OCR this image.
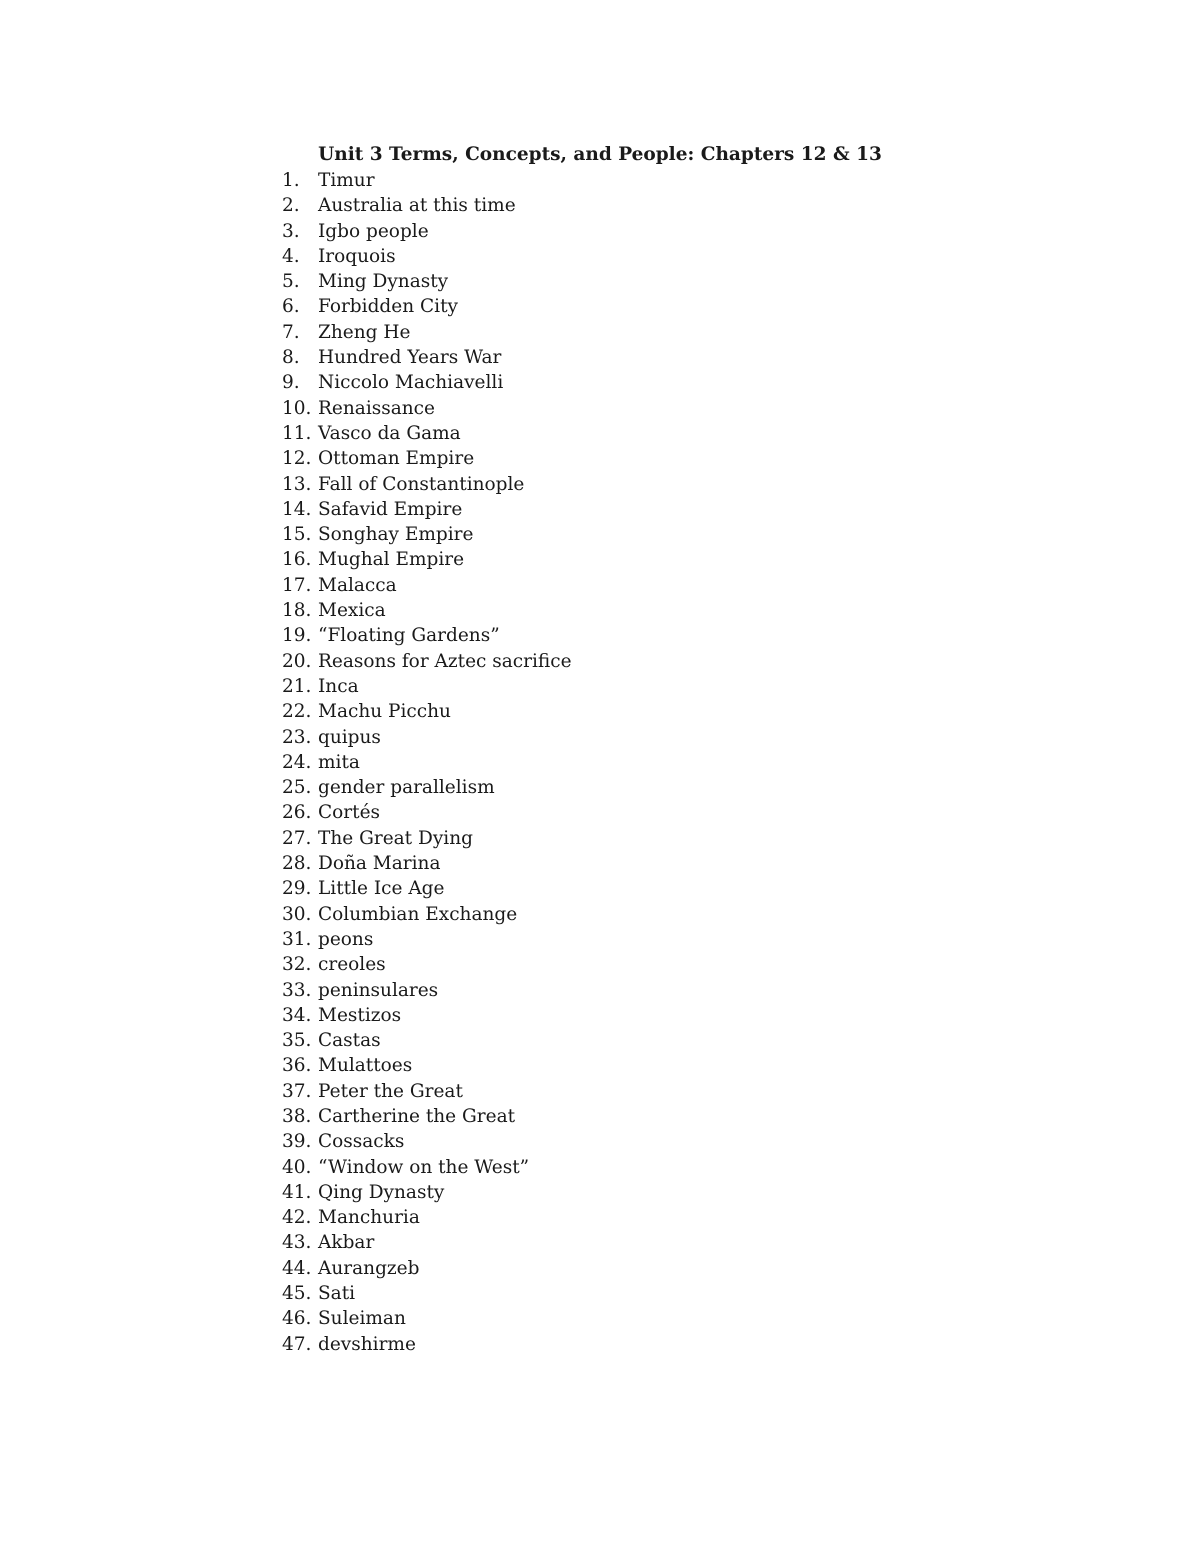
Unit 3 Terms, Concepts, and People: Chapters 12 & 13
1. Timur
2. Australia at this time
3. Igbo people
4. Iroquois
5. Ming Dynasty
6. Forbidden City
7. Zheng He
8. Hundred Years War
9. Niccolo Machiavelli
10. Renaissance
11. Vasco da Gama
12. Ottoman Empire
13. Fall of Constantinople
14. Safavid Empire
15. Songhay Empire
16. Mughal Empire
17. Malacca
18. Mexica
19. “Floating Gardens”
20. Reasons for Aztec sacrifice
21. Inca
22. Machu Picchu
23. quipus
24. mita
25. gender parallelism
26. Cortés
27. The Great Dying
28. Doña Marina
29. Little Ice Age
30. Columbian Exchange
31. peons
32. creoles
33. peninsulares
34. Mestizos
35. Castas
36. Mulattoes
37. Peter the Great
38. Cartherine the Great
39. Cossacks
40. “Window on the West”
41. Qing Dynasty
42. Manchuria
43. Akbar
44. Aurangzeb
45. Sati
46. Suleiman
47. devshirme
